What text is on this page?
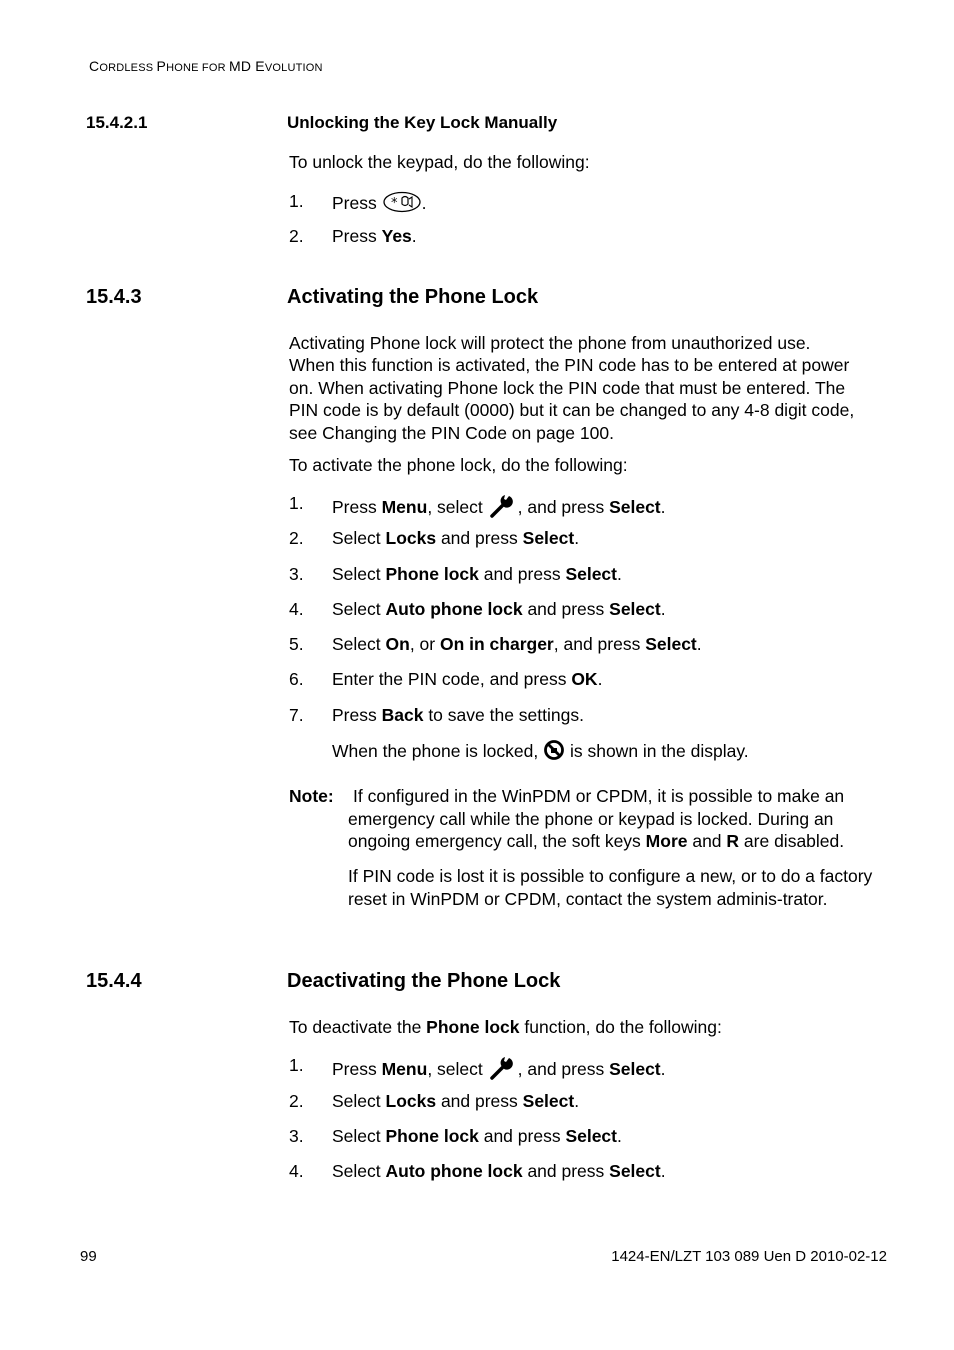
CORDLESS PHONE FOR MD EVOLUTION
15.4.2.1	Unlocking the Key Lock Manually
To unlock the keypad, do the following:
1. Press * .
2. Press Yes.
15.4.3	Activating the Phone Lock
Activating Phone lock will protect the phone from unauthorized use.
When this function is activated, the PIN code has to be entered at power
on. When activating Phone lock the PIN code that must be entered. The
PIN code is by default (0000) but it can be changed to any 4-8 digit code,
see Changing the PIN Code on page 100.
To activate the phone lock, do the following:
1. Press Menu, select , and press Select.
2. Select Locks and press Select.
3. Select Phone lock and press Select.
4. Select Auto phone lock and press Select.
5. Select On, or On in charger, and press Select.
6. Enter the PIN code, and press OK.
7. Press Back to save the settings.
When the phone is locked,  is shown in the display.
Note: If configured in the WinPDM or CPDM, it is possible to make an emergency call while the phone or keypad is locked. During an ongoing emergency call, the soft keys More and R are disabled.
If PIN code is lost it is possible to configure a new, or to do a factory reset in WinPDM or CPDM, contact the system adminis-trator.
15.4.4	Deactivating the Phone Lock
To deactivate the Phone lock function, do the following:
1. Press Menu, select , and press Select.
2. Select Locks and press Select.
3. Select Phone lock and press Select.
4. Select Auto phone lock and press Select.
99	1424-EN/LZT 103 089 Uen D 2010-02-12
